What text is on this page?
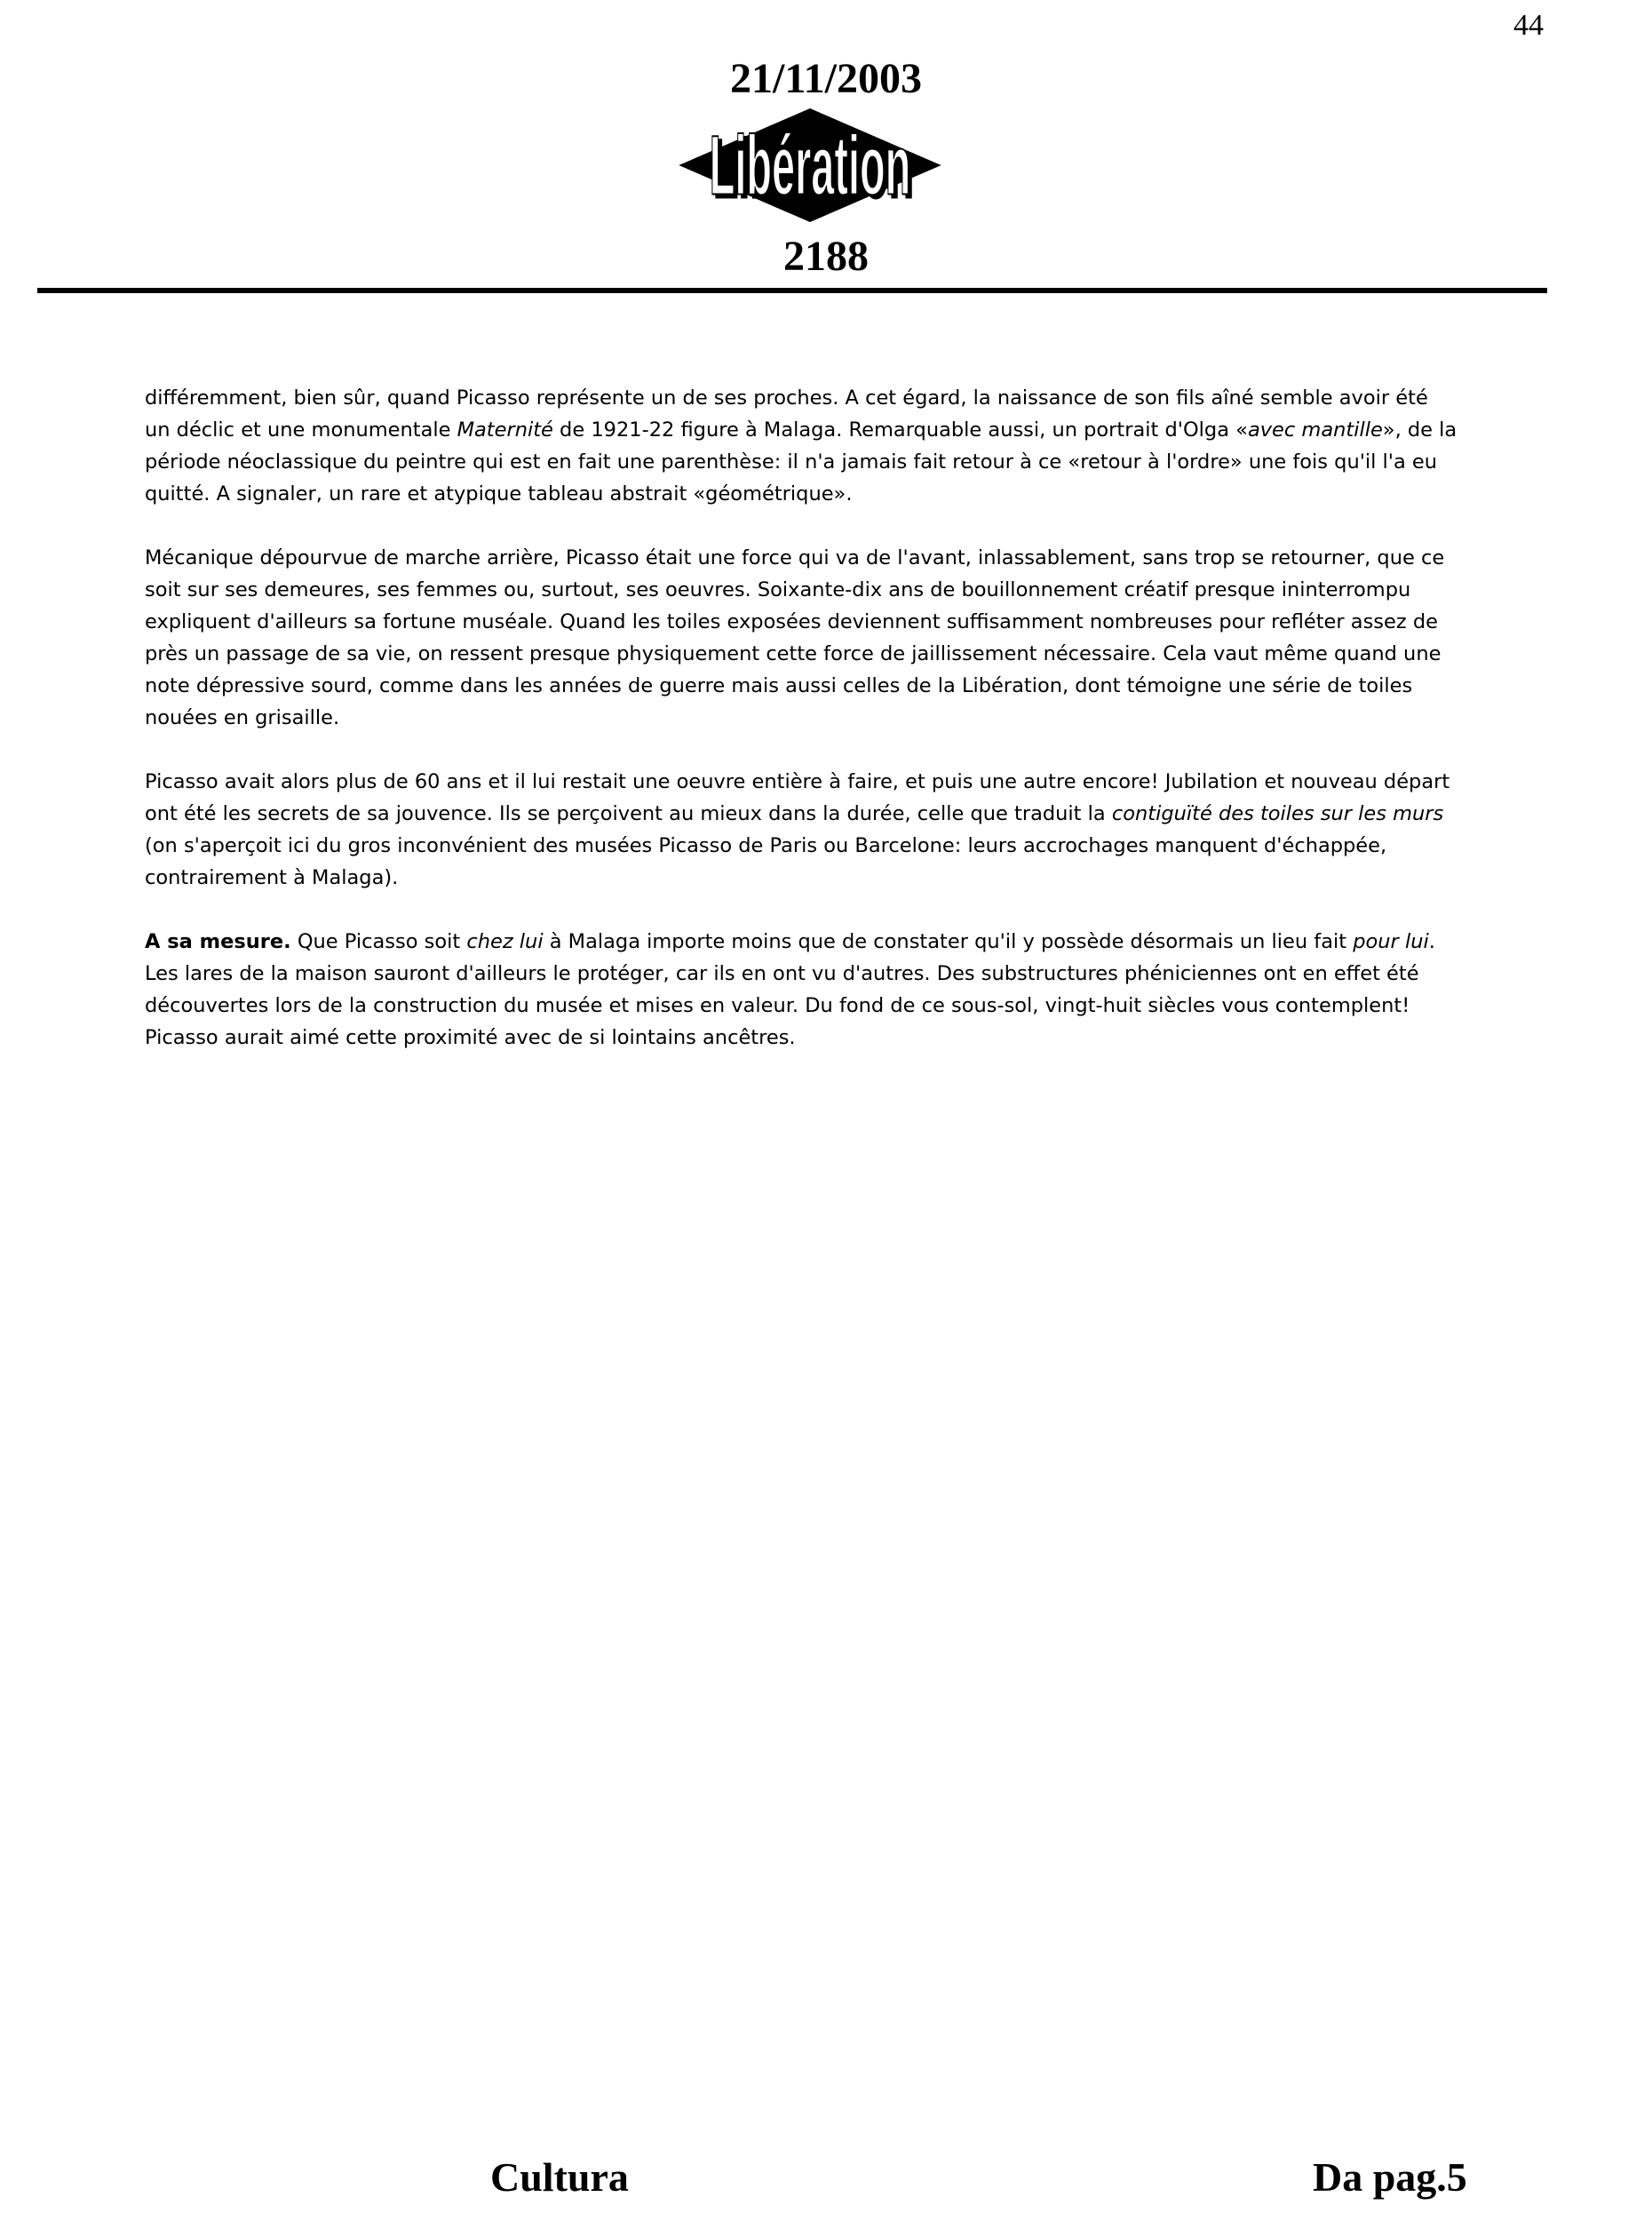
44
21/11/2003
Libération
2188

différemment, bien sûr, quand Picasso représente un de ses proches. A cet égard, la naissance de son fils aîné semble avoir été un déclic et une monumentale Maternité de 1921-22 figure à Malaga. Remarquable aussi, un portrait d'Olga «avec mantille», de la période néoclassique du peintre qui est en fait une parenthèse: il n'a jamais fait retour à ce «retour à l'ordre» une fois qu'il l'a eu quitté. A signaler, un rare et atypique tableau abstrait «géométrique».

Mécanique dépourvue de marche arrière, Picasso était une force qui va de l'avant, inlassablement, sans trop se retourner, que ce soit sur ses demeures, ses femmes ou, surtout, ses oeuvres. Soixante-dix ans de bouillonnement créatif presque ininterrompu expliquent d'ailleurs sa fortune muséale. Quand les toiles exposées deviennent suffisamment nombreuses pour refléter assez de près un passage de sa vie, on ressent presque physiquement cette force de jaillissement nécessaire. Cela vaut même quand une note dépressive sourd, comme dans les années de guerre mais aussi celles de la Libération, dont témoigne une série de toiles nouées en grisaille.

Picasso avait alors plus de 60 ans et il lui restait une oeuvre entière à faire, et puis une autre encore! Jubilation et nouveau départ ont été les secrets de sa jouvence. Ils se perçoivent au mieux dans la durée, celle que traduit la contiguïté des toiles sur les murs (on s'aperçoit ici du gros inconvénient des musées Picasso de Paris ou Barcelone: leurs accrochages manquent d'échappée, contrairement à Malaga).

A sa mesure. Que Picasso soit chez lui à Malaga importe moins que de constater qu'il y possède désormais un lieu fait pour lui. Les lares de la maison sauront d'ailleurs le protéger, car ils en ont vu d'autres. Des substructures phéniciennes ont en effet été découvertes lors de la construction du musée et mises en valeur. Du fond de ce sous-sol, vingt-huit siècles vous contemplent! Picasso aurait aimé cette proximité avec de si lointains ancêtres.

Cultura	Da pag.5
